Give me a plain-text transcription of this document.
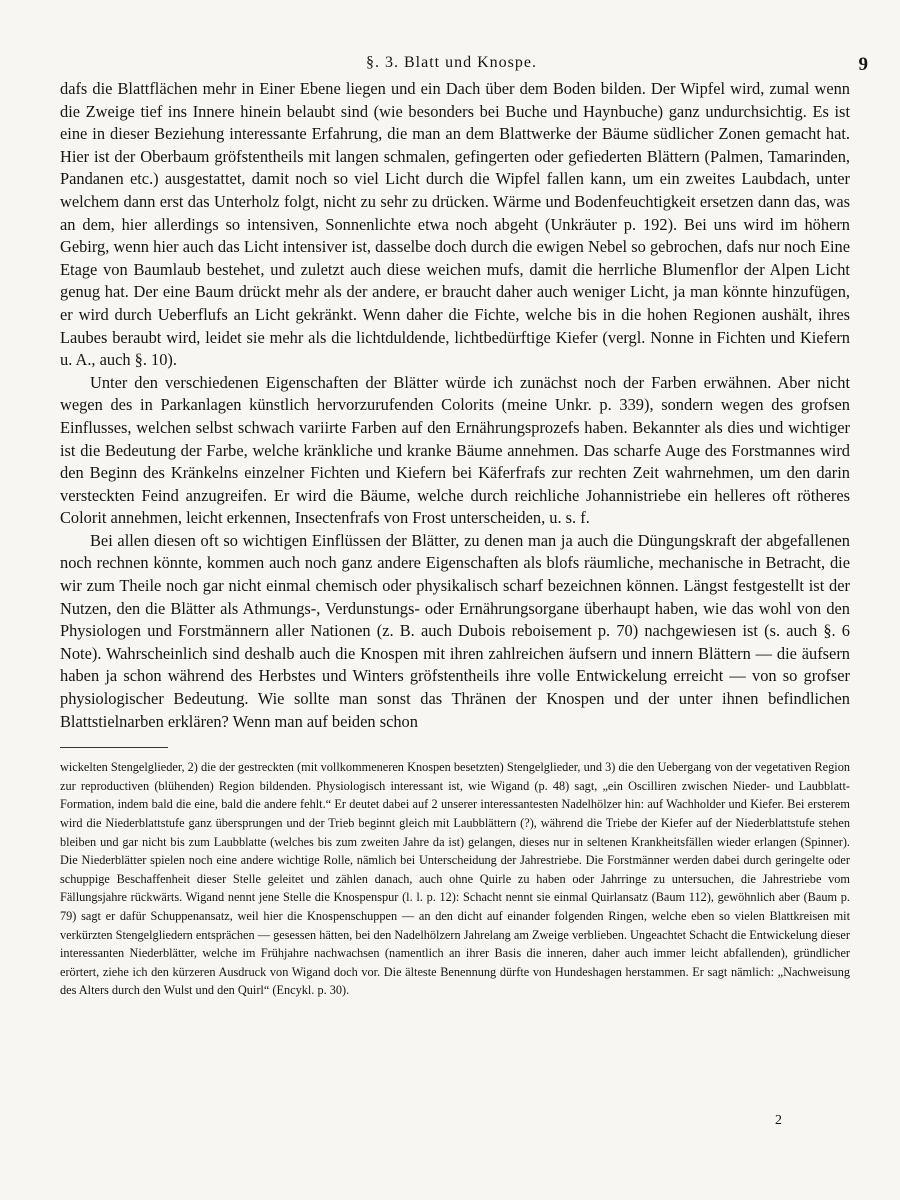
§. 3. Blatt und Knospe.	9

dafs die Blattflächen mehr in Einer Ebene liegen und ein Dach über dem Boden bilden. Der Wipfel wird, zumal wenn die Zweige tief ins Innere hinein belaubt sind (wie besonders bei Buche und Haynbuche) ganz undurchsichtig. Es ist eine in dieser Beziehung interessante Erfahrung, die man an dem Blattwerke der Bäume südlicher Zonen gemacht hat. Hier ist der Oberbaum gröfstentheils mit langen schmalen, gefingerten oder gefiederten Blättern (Palmen, Tamarinden, Pandanen etc.) ausgestattet, damit noch so viel Licht durch die Wipfel fallen kann, um ein zweites Laubdach, unter welchem dann erst das Unterholz folgt, nicht zu sehr zu drücken. Wärme und Bodenfeuchtigkeit ersetzen dann das, was an dem, hier allerdings so intensiven, Sonnenlichte etwa noch abgeht (Unkräuter p. 192). Bei uns wird im höhern Gebirg, wenn hier auch das Licht intensiver ist, dasselbe doch durch die ewigen Nebel so gebrochen, dafs nur noch Eine Etage von Baumlaub bestehet, und zuletzt auch diese weichen mufs, damit die herrliche Blumenflor der Alpen Licht genug hat. Der eine Baum drückt mehr als der andere, er braucht daher auch weniger Licht, ja man könnte hinzufügen, er wird durch Ueberflufs an Licht gekränkt. Wenn daher die Fichte, welche bis in die hohen Regionen aushält, ihres Laubes beraubt wird, leidet sie mehr als die lichtduldende, lichtbedürftige Kiefer (vergl. Nonne in Fichten und Kiefern u. A., auch §. 10).

Unter den verschiedenen Eigenschaften der Blätter würde ich zunächst noch der Farben erwähnen. Aber nicht wegen des in Parkanlagen künstlich hervorzurufenden Colorits (meine Unkr. p. 339), sondern wegen des grofsen Einflusses, welchen selbst schwach variirte Farben auf den Ernährungsprozefs haben. Bekannter als dies und wichtiger ist die Bedeutung der Farbe, welche kränkliche und kranke Bäume annehmen. Das scharfe Auge des Forstmannes wird den Beginn des Kränkelns einzelner Fichten und Kiefern bei Käferfrafs zur rechten Zeit wahrnehmen, um den darin versteckten Feind anzugreifen. Er wird die Bäume, welche durch reichliche Johannistriebe ein helleres oft rötheres Colorit annehmen, leicht erkennen, Insectenfrafs von Frost unterscheiden, u. s. f.

Bei allen diesen oft so wichtigen Einflüssen der Blätter, zu denen man ja auch die Düngungskraft der abgefallenen noch rechnen könnte, kommen auch noch ganz andere Eigenschaften als blofs räumliche, mechanische in Betracht, die wir zum Theile noch gar nicht einmal chemisch oder physikalisch scharf bezeichnen können. Längst festgestellt ist der Nutzen, den die Blätter als Athmungs-, Verdunstungs- oder Ernährungsorgane überhaupt haben, wie das wohl von den Physiologen und Forstmännern aller Nationen (z. B. auch Dubois reboisement p. 70) nachgewiesen ist (s. auch §. 6 Note). Wahrscheinlich sind deshalb auch die Knospen mit ihren zahlreichen äufsern und innern Blättern — die äufsern haben ja schon während des Herbstes und Winters gröfstentheils ihre volle Entwickelung erreicht — von so grofser physiologischer Bedeutung. Wie sollte man sonst das Thränen der Knospen und der unter ihnen befindlichen Blattstielnarben erklären? Wenn man auf beiden schon

wickelten Stengelglieder, 2) die der gestreckten (mit vollkommeneren Knospen besetzten) Stengelglieder, und 3) die den Uebergang von der vegetativen Region zur reproductiven (blühenden) Region bildenden. Physiologisch interessant ist, wie Wigand (p. 48) sagt, „ein Oscilliren zwischen Nieder- und Laubblatt-Formation, indem bald die eine, bald die andere fehlt.“ Er deutet dabei auf 2 unserer interessantesten Nadelhölzer hin: auf Wachholder und Kiefer. Bei ersterem wird die Niederblattstufe ganz übersprungen und der Trieb beginnt gleich mit Laubblättern (?), während die Triebe der Kiefer auf der Niederblattstufe stehen bleiben und gar nicht bis zum Laubblatte (welches bis zum zweiten Jahre da ist) gelangen, dieses nur in seltenen Krankheitsfällen wieder erlangen (Spinner). Die Niederblätter spielen noch eine andere wichtige Rolle, nämlich bei Unterscheidung der Jahrestriebe. Die Forstmänner werden dabei durch geringelte oder schuppige Beschaffenheit dieser Stelle geleitet und zählen danach, auch ohne Quirle zu haben oder Jahrringe zu untersuchen, die Jahrestriebe vom Fällungsjahre rückwärts. Wigand nennt jene Stelle die Knospenspur (l. l. p. 12): Schacht nennt sie einmal Quirlansatz (Baum 112), gewöhnlich aber (Baum p. 79) sagt er dafür Schuppenansatz, weil hier die Knospenschuppen — an den dicht auf einander folgenden Ringen, welche eben so vielen Blattkreisen mit verkürzten Stengelgliedern entsprächen — gesessen hätten, bei den Nadelhölzern Jahrelang am Zweige verblieben. Ungeachtet Schacht die Entwickelung dieser interessanten Niederblätter, welche im Frühjahre nachwachsen (namentlich an ihrer Basis die inneren, daher auch immer leicht abfallenden), gründlicher erörtert, ziehe ich den kürzeren Ausdruck von Wigand doch vor. Die älteste Benennung dürfte von Hundeshagen herstammen. Er sagt nämlich: „Nachweisung des Alters durch den Wulst und den Quirl“ (Encykl. p. 30).

2
